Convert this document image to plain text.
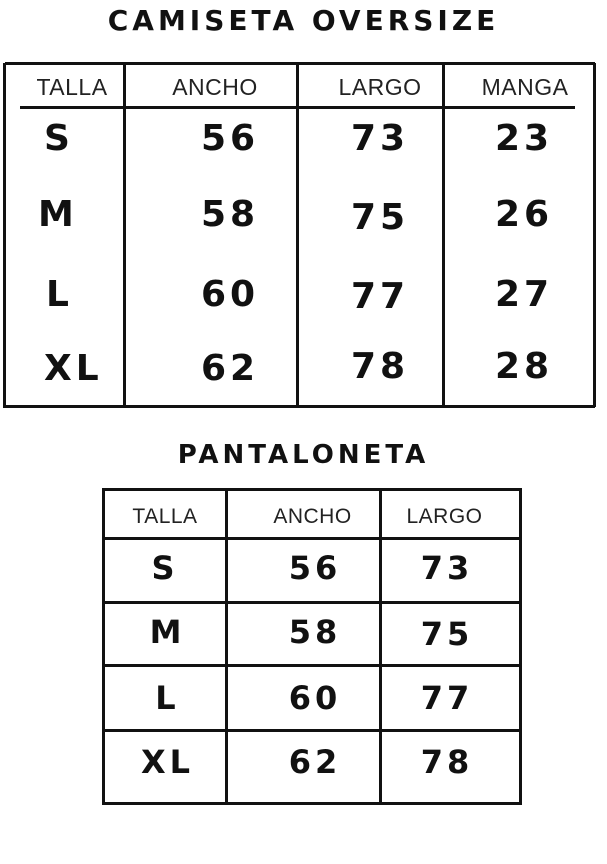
CAMISETA OVERSIZE
TALLA	ANCHO	LARGO	MANGA
S	56	73	23
M	58	75	26
L	60	77	27
XL	62	78	28
PANTALONETA
TALLA	ANCHO	LARGO
S	56	73
M	58	75
L	60	77
XL	62	78
